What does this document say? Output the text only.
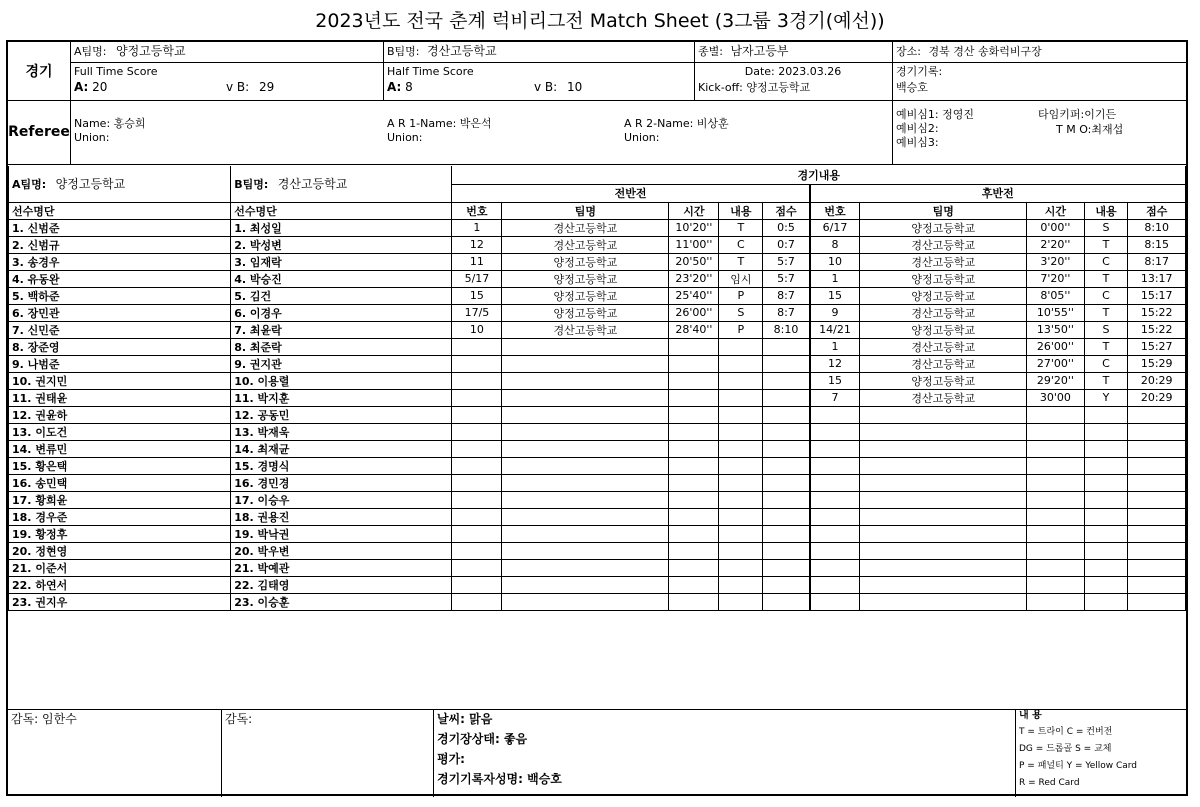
2023년도 전국 춘계 럭비리그전 Match Sheet (3그룹 3경기(예선))
경기
A팀명: 양정고등학교	B팀명: 경산고등학교	종별: 남자고등부	장소: 경북 경산 송화럭비구장
Full Time Score
A: 20	v B: 29
Half Time Score
A: 8	v B: 10
Date: 2023.03.26
Kick-off: 양정고등학교
경기기록:
백승호
Referee
Name: 홍승희
Union:
A R 1-Name: 박은석
Union:
A R 2-Name: 비상훈
Union:
예비심1: 정영진
예비심2:
예비심3:
타임키퍼:이기든
T M O:최재섭
A팀명: 양정고등학교	B팀명: 경산고등학교	경기내용									
		전반전					후반전				
선수명단	선수명단	번호	팀명	시간	내용	점수	번호	팀명	시간	내용	점수
1. 신범준	1. 최성일	1	경산고등학교	10'20''	T	0:5	6/17	양정고등학교	0'00''	S	8:10
2. 신범규	2. 박성변	12	경산고등학교	11'00''	C	0:7	8	경산고등학교	2'20''	T	8:15
3. 송경우	3. 임재락	11	양정고등학교	20'50''	T	5:7	10	경산고등학교	3'20''	C	8:17
4. 유동완	4. 박승진	5/17	양정고등학교	23'20''	임시	5:7	1	양정고등학교	7'20''	T	13:17
5. 백하준	5. 김건	15	양정고등학교	25'40''	P	8:7	15	양정고등학교	8'05''	C	15:17
6. 장민관	6. 이경우	17/5	양정고등학교	26'00''	S	8:7	9	경산고등학교	10'55''	T	15:22
7. 신민준	7. 최윤락	10	경산고등학교	28'40''	P	8:10	14/21	양정고등학교	13'50''	S	15:22
8. 장준영	8. 최준락						1	경산고등학교	26'00''	T	15:27
9. 나범준	9. 권지관						12	경산고등학교	27'00''	C	15:29
10. 권지민	10. 이용렬						15	양정고등학교	29'20''	T	20:29
11. 권태윤	11. 박지훈						7	경산고등학교	30'00	Y	20:29
12. 권윤하	12. 공동민										
13. 이도건	13. 박재욱										
14. 변류민	14. 최재균										
15. 황은택	15. 경명식										
16. 송민택	16. 경민경										
17. 황희윤	17. 이승우										
18. 경우준	18. 권용진										
19. 황정후	19. 박낙권										
20. 정현영	20. 박우변										
21. 이준서	21. 박예관										
22. 하연서	22. 김태영										
23. 권지우	23. 이승훈										
감독: 임한수	감독:	날씨: 맑음
경기장상태: 좋음
평가:
경기기록자성명: 백승호
내 용
T = 트라이 C = 컨버전
DG = 드롭골 S = 교체
P = 패널티 Y = Yellow Card
R = Red Card
